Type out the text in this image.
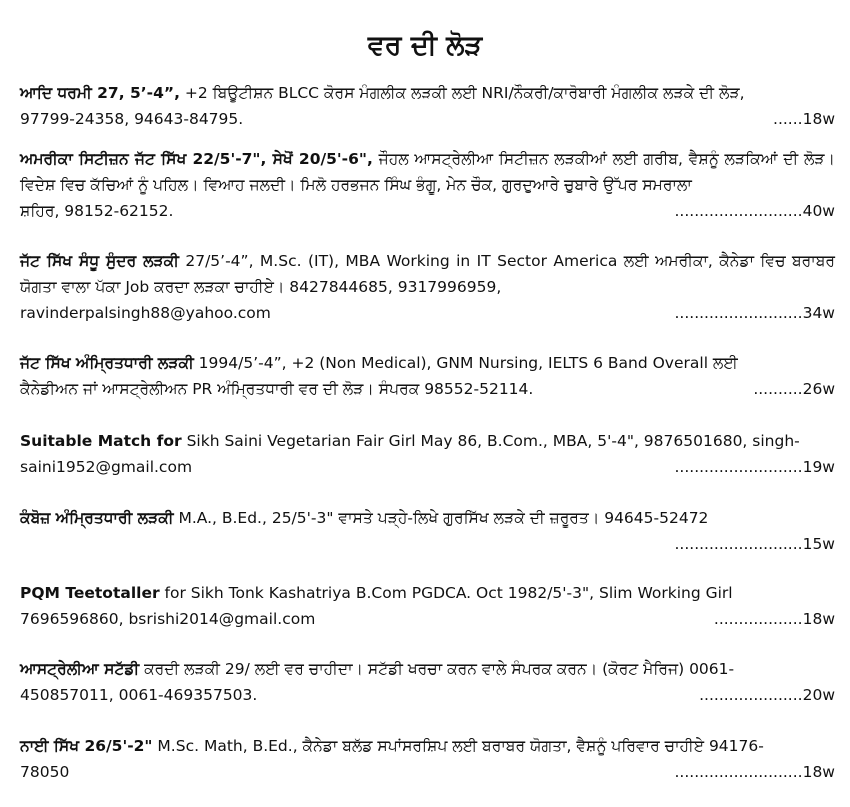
ਵਰ ਦੀ ਲੋੜ

ਆਦਿ ਧਰਮੀ 27, 5’-4”, +2 ਬਿਊਟੀਸ਼ਨ BLCC ਕੋਰਸ ਮੰਗਲੀਕ ਲੜਕੀ ਲਈ NRI/ਨੌਕਰੀ/ਕਾਰੋਬਾਰੀ ਮੰਗਲੀਕ ਲੜਕੇ ਦੀ ਲੋੜ,

97799-24358, 94643-84795.	......18w

ਅਮਰੀਕਾ ਸਿਟੀਜ਼ਨ ਜੱਟ ਸਿੱਖ 22/5'-7", ਸੇਖੋਂ 20/5'-6", ਜੌਹਲ ਆਸਟ੍ਰੇਲੀਆ ਸਿਟੀਜ਼ਨ ਲੜਕੀਆਂ ਲਈ ਗਰੀਬ, ਵੈਸ਼ਨੂੰ ਲੜਕਿਆਂ ਦੀ ਲੋੜ। ਵਿਦੇਸ਼ ਵਿਚ ਕੱਚਿਆਂ ਨੂੰ ਪਹਿਲ। ਵਿਆਹ ਜਲਦੀ। ਮਿਲੋ ਹਰਭਜਨ ਸਿੰਘ ਭੰਗੂ, ਮੇਨ ਚੌਕ, ਗੁਰਦੁਆਰੇ ਚੁਬਾਰੇ ਉੱਪਰ ਸਮਰਾਲਾ

ਸ਼ਹਿਰ, 98152-62152.	..........................40w

ਜੱਟ ਸਿੱਖ ਸੰਧੂ ਸੁੰਦਰ ਲੜਕੀ 27/5’-4”, M.Sc. (IT), MBA Working in IT Sector America ਲਈ ਅਮਰੀਕਾ, ਕੈਨੇਡਾ ਵਿਚ ਬਰਾਬਰ ਯੋਗਤਾ ਵਾਲਾ ਪੱਕਾ Job ਕਰਦਾ ਲੜਕਾ ਚਾਹੀਏ। 8427844685, 9317996959,

ravinderpalsingh88@yahoo.com	..........................34w

ਜੱਟ ਸਿੱਖ ਅੰਮ੍ਰਿਤਧਾਰੀ ਲੜਕੀ 1994/5’-4”, +2 (Non Medical), GNM Nursing, IELTS 6 Band Overall ਲਈ

ਕੈਨੇਡੀਅਨ ਜਾਂ ਆਸਟ੍ਰੇਲੀਅਨ PR ਅੰਮ੍ਰਿਤਧਾਰੀ ਵਰ ਦੀ ਲੋੜ। ਸੰਪਰਕ 98552-52114.	..........26w

Suitable Match for Sikh Saini Vegetarian Fair Girl May 86, B.Com., MBA, 5'-4", 9876501680, singh-

saini1952@gmail.com	..........................19w

ਕੰਬੋਜ਼ ਅੰਮ੍ਰਿਤਧਾਰੀ ਲੜਕੀ M.A., B.Ed., 25/5'-3" ਵਾਸਤੇ ਪੜ੍ਹੇ-ਲਿਖੇ ਗੁਰਸਿੱਖ ਲੜਕੇ ਦੀ ਜ਼ਰੂਰਤ। 94645-52472

..........................15w

PQM Teetotaller for Sikh Tonk Kashatriya B.Com PGDCA. Oct 1982/5'-3", Slim Working Girl

7696596860, bsrishi2014@gmail.com	..................18w

ਆਸਟ੍ਰੇਲੀਆ ਸਟੱਡੀ ਕਰਦੀ ਲੜਕੀ 29/ ਲਈ ਵਰ ਚਾਹੀਦਾ। ਸਟੱਡੀ ਖਰਚਾ ਕਰਨ ਵਾਲੇ ਸੰਪਰਕ ਕਰਨ। (ਕੋਰਟ ਮੈਰਿਜ) 0061-

450857011, 0061-469357503.	.....................20w

ਨਾਈ ਸਿੱਖ 26/5'-2" M.Sc. Math, B.Ed., ਕੈਨੇਡਾ ਬਲੱਡ ਸਪਾਂਸਰਸ਼ਿਪ ਲਈ ਬਰਾਬਰ ਯੋਗਤਾ, ਵੈਸ਼ਨੂੰ ਪਰਿਵਾਰ ਚਾਹੀਏ 94176-

78050	..........................18w
